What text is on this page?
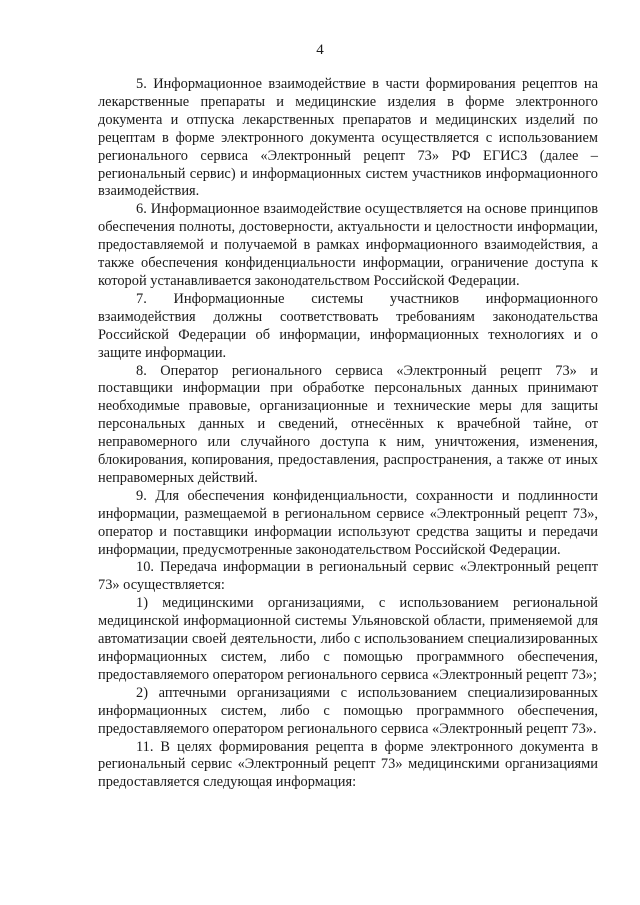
4

5. Информационное взаимодействие в части формирования рецептов на лекарственные препараты и медицинские изделия в форме электронного документа и отпуска лекарственных препаратов и медицинских изделий по рецептам в форме электронного документа осуществляется с использованием регионального сервиса «Электронный рецепт 73» РФ ЕГИСЗ (далее – региональный сервис) и информационных систем участников информационного взаимодействия.

6. Информационное взаимодействие осуществляется на основе принципов обеспечения полноты, достоверности, актуальности и целостности информации, предоставляемой и получаемой в рамках информационного взаимодействия, а также обеспечения конфиденциальности информации, ограничение доступа к которой устанавливается законодательством Российской Федерации.

7. Информационные системы участников информационного взаимодействия должны соответствовать требованиям законодательства Российской Федерации об информации, информационных технологиях и о защите информации.

8. Оператор регионального сервиса «Электронный рецепт 73» и поставщики информации при обработке персональных данных принимают необходимые правовые, организационные и технические меры для защиты персональных данных и сведений, отнесённых к врачебной тайне, от неправомерного или случайного доступа к ним, уничтожения, изменения, блокирования, копирования, предоставления, распространения, а также от иных неправомерных действий.

9. Для обеспечения конфиденциальности, сохранности и подлинности информации, размещаемой в региональном сервисе «Электронный рецепт 73», оператор и поставщики информации используют средства защиты и передачи информации, предусмотренные законодательством Российской Федерации.

10. Передача информации в региональный сервис «Электронный рецепт 73» осуществляется:

1) медицинскими организациями, с использованием региональной медицинской информационной системы Ульяновской области, применяемой для автоматизации своей деятельности, либо с использованием специализированных информационных систем, либо с помощью программного обеспечения, предоставляемого оператором регионального сервиса «Электронный рецепт 73»;

2) аптечными организациями с использованием специализированных информационных систем, либо с помощью программного обеспечения, предоставляемого оператором регионального сервиса «Электронный рецепт 73».

11. В целях формирования рецепта в форме электронного документа в региональный сервис «Электронный рецепт 73» медицинскими организациями предоставляется следующая информация:
